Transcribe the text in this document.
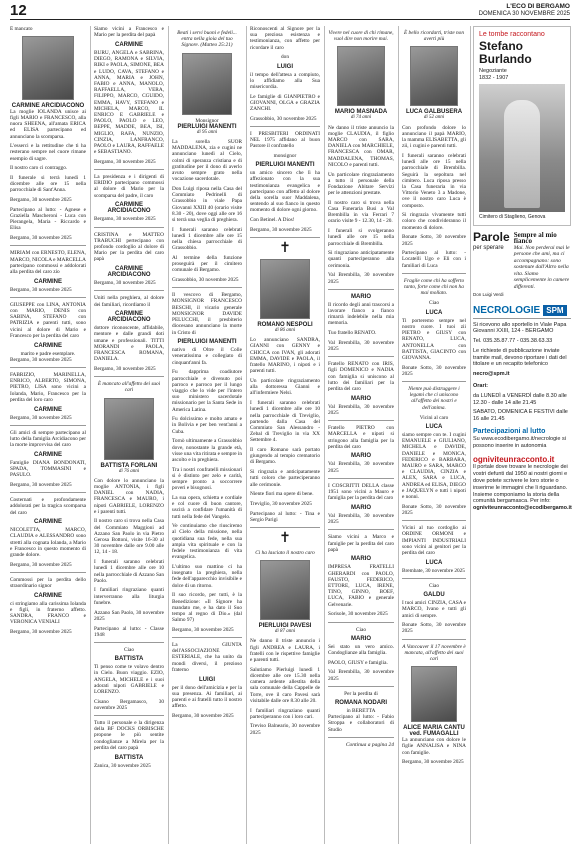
12	L'ECO DI BERGAMO
DOMENICA 30 NOVEMBRE 2025

È mancato

CARMINE ARCIDIACONO

La moglie IOLANDA unisce ai figli MARIO e FRANCESCO, alla nuora SHEENA, all'amata ERICA ed ELISA partecipano ed annunciano la scomparsa.

L'esserci e la rettitudine che ti ha resterano sempre nel cuore rimane esempio di sagre.

Il nostro caro ci contraggo.

Il funerale si terrà lunedì 1 dicembre alle ore 15 nella parrocchiale di Sant'Anna.

Bergamo, 30 novembre 2025

Partecipano al lutto: - Agnese e Graziella Mascheroni - Luca con Pierangela, Maria - Riccardo e Elisa

Bergamo, 30 novembre 2025

MIRIAM con ERNESTO, ELENA, MARCO, NICOLA e MARCELLA partecipano commossi e addolorati alla perdita del caro zio

CARMINE

Bergamo, 30 novembre 2025

GIUSEPPE con LINA, ANTONIA con MARIO, DENIS con SABINA, STEFANO con PATRIZIA e parenti tutti, sono vicini al dolore di Mario e Francesco per la perdita del caro

CARMINE
marito e padre esemplare.

Bergamo, 30 novembre 2025

FABRIZIO, MARINELLA, ENRICO, ALBERTO, SIMONA, PIETRO, LISA sono vicini a Iolanda, Mario, Francesco per la perdita del loro caro

CARMINE

Bergamo, 30 novembre 2025

Gli amici di sempre partecipano al lutto della famiglia Arcidiacono per la morte improvvisa del caro

CARMINE

Famiglie DIANA BONDONATI, SPADA, TOMMASINI e PASULO.

Bergamo, 30 novembre 2025

Costernati e profondamente addolorati per la tragica scomparsa del caro

CARMINE

NICOLETTA, MARCO, CLAUDIA e ALESSANDRO sono stretti alla cognata Iolanda, a Mario e Francesco in questo momento di grande dolore.

Bergamo, 30 novembre 2025

Commossi per la perdita dello straordinario signor

CARMINE

ci stringiamo alla carissima Iolanda e figli, in fraterno affetto. SANDRA, FRANCO e VERONICA VENIALI

Bergamo, 30 novembre 2025

Siamo vicini a Francesco e Mario per la perdita del papà

CARMINE

BURU, ANGELA e SABRINA, DIEGO, RAMONA e SILVIA, RIKI e PAOLA, SIMONE, BEA e LUDO, CAVA, STEFANO e ANNA, MARIA e JOHN, FABIO e ANNA, MANOLO, RAFFAELLA, VERA, FILIPPO, MARCO, CGUIDO, EMMA, HAVY, STEFANO e MICHELA, MARCO, IL ENRICO E GABRIELE e PAOLO, PAOLO e LEO, BEPPE, MADDE, BEA, ISI, MIGLIO, RAFA, NUNZIO, CINZIA, LANFRANCO, PAOLO e LAURA, RAFFAELE e SEBASTIANO.

Bergamo, 30 novembre 2025

La presidenza e i dirigenti di ERIDIO partecipano commossi al dolore di Mario per la scomparsa del padre, il caro

CARMINE ARCIDIACONO

Bergamo, 30 novembre 2025

CRISTINA e MATTEO TRABUCHI pertecipano con profondo cordoglio al dolore di Mario per la perdita del caro papà

CARMINE ARCIDIACONO

Bergamo, 30 novembre 2025

Uniti nella preghiera, al dolore dei familiari, ricordiamo il

CARMINE ARCIDIACONO

dottore riconoscente, affidabile, mentore e dalle grandi doti umane e professionali. TITTI MORANDI e PAOLA, FRANCESCA ROMANA, DANIELA.

Bergamo, 30 novembre 2025

È mancato all'affetto dei suoi cari
BATTISTA FORLANI
di 76 anni

Con dolore lo annunciano la moglie ANTONIA, i figli DANIEL con NADIA, FRANCESCA e MAURO, i nipoti GABRIELE, LORENZO e i parenti tutti.

Il nostro caro si trova nella Casa del Commiato Maggioni ad Azzano San Paolo in via Pietro Gerosa Bottoni, visite 16-30 al 30 novembre dalle ore 9.00 alle 12, 14 - 18.

I funerali saranno celebrati lunedì 1 dicembre alle ore 10 nella parrocchiale di Azzano San Paolo.

I familiari ringraziano quanti interverranno alla liturgia funebre.

Azzano San Paolo, 30 novembre 2025

Partecipano al lutto: - Classe 1948

Ciao
BATTISTA

Ti penso come te volavo dentro in Cielo. Buon viaggio. EZIO, ANGELA, MICHELE e i suoi adorati nipoti GABRIELE e LORENZO.

Cisano Bergamasco, 30 novembre 2025

Tutto il personale e la dirigenza della BF DOCKS ORBISCHE propone le più sentite condoglianze a Mirela per la perdita del caro papà

BATTISTA

Zanica, 30 novembre 2025

Beati i servi buoni e fedeli... entra nella gioia del tuo Signore. (Matteo 25:21)
Monsignor
PIERLUIGI MANENTI
di 95 anni

La sorella SUOR MADDALENA, zia e cugini ne annunciano lunedì al Cielo, colmi di speranza cristiana e di gratitudine per il dono di averlo avuto sempre grato nella vocazione sacerdotale.

Don Luigi riposa nella Casa del Commiato Pedrinelli di Grassobbio in viale Papa Giovanni XXIII 40 (orario visite 8.30 - 20), dove oggi alle ore 16 si terrà una veglia di preghiera.

I funerali saranno celebrati lunedì 1 dicembre alle ore 15 nella chiesa parrocchiale di Grassobbio.

Al termine della funzione proseguirà per il cimitero comunale di Bergamo.

Grassobbio, 30 novembre 2025

Il vescovo di Bergamo, MONSIGNOR FRANCESCO BESCHI, il vicario generale MONSIGNOR DAVIDE PELUCCHI, il presbiterio diocesano annunciano la morte in Cristo di

PIERLUIGI MANENTI

nativo di Oltre il Colle veneratissima e collegiato di cinquant'anni fa.

Fu dapprima coadiutore parrocchiale e divenuto poi parroco e parroco per il lungo viaggio che lo vide per l'intero suo ministero sacerdotale missionario per la Santa Sede in America Latina.

Fu dolcissimo e molto amato e in Bolivia e per ben vent'anni a Cuba.

Tornò ultimamente a Grassobbio dove, nonostante la grande età, visse una vita ritirata e sempre in ascolto e in preghiera.

Tra i nostri confratelli missionari si è distinto per zelo e carità, sempre pronto a soccorrere poveri e bisognosi.

La sua opera, schietta e cordiale e col cuore di buon cantore, uscirà a confidare l'umanità di tutti nella fede del Vangelo.

Ve continuiamo che riusciremo al Cielo della missione, nella quotidiana sua fede, nella sua ampia vita spirituale e con la fedele testimonianza di vita evangelica.

L'ultimo suo mattino ci ha insegnato la preghiera, nella fede dell'apparecchio invisibile e dolce di un ritorno.

Il suo ricordo, per tutti, è la Benedizione: «Il Signore ha mandato me, e ha dato il Suo tempo al regno di Dio.» (dal Salmo 97)

Bergamo, 30 novembre 2025

La GIUNTA dell'ASSOCIAZIONE ESTERIALE, che ha unito da mondi diversi, il prezioso fraterno

LUIGI

per il dono dell'amicizia e per la sua presenza. Ai familiari, ai parenti e ai fratelli tutto il nostro affetto.

Bergamo, 30 novembre 2025

Riconoscenti al Signore per la sua preziosa esistenza e testimonianza, con affetto per ricordare il caro

don
LUIGI

il tempo dell'attesa a compiuto, lo affidiamo alla Sua misericordia.

Le famiglie di GIANPIETRO e GIOVANNI, OLGA e GRAZIA ZANCHI.

Grassobbio, 30 novembre 2025

I PRESBITERI ORDINATI NEL 1975 affidano al buon Pastore il confratello

monsignor
PIERLUIGI MANENTI

un amico sincero che lì ha affezionato con la sua testimonianza evangelica e partecipano con affetto al dolore della sorella suor Maddalena, sentendo al suo fianco in questo momento di dolore ogni giorno.

Con Betinel. A Dios!

Bergamo, 30 novembre 2025

✝
ROMANO NESPOLI
di 86 anni

Lo annunciano SANDRA, GIANNI con GENNY e CHICCA con IVAN, gli adorati EMMA, DAVIDE e PAOLA, il fratello MARINO, i nipoti e i parenti tutti.

Un particolare ringraziamento alla dottoressa Gianni e all'infermiere Nelsi.

I funerali saranno celebrati lunedì 1 dicembre alle ore 10 nella parrocchiale di Treviglio, partendo dalla Casa del Commiato San Alessandro - Zebal di Treviglio in via XX Settembre 4.

Il caro Romano sarà portato giungendo al tempio crematorio di Bergamo.

Si ringrazia e anticipatamente tutti coloro che parteciperanno alle cerimonie.

Niente fiori ma opere di bene.

Treviglio, 30 novembre 2025

Partecipano al lutto: - Tina e Sergio Parigi

✝
Ci ha lasciato il nostro caro
PIERLUIGI PAVESI
di 87 anni

Ne danno il triste annuncio i figli ANDREA e LAURA, i fratelli con le rispettive famiglie e parenti tutti.

Salutiamo Pierluigi lunedì 1 dicembre alle ore 15.30 nella camera ardente allestita della sala comunale della Cappelle de Torre, ove il caro Pavesi sarà visitabile dalle ore 8.30 alle 20.

I familiari ringraziano quanti parteciperanno con i loro cari.

Treviso Balneario, 30 novembre 2025

Vivere nel cuore di chi rimane, vuol dire non morire mai.
MARIO MASNADA
di 74 anni

Ne danno il triste annuncio la moglie CLAUDIA, il figlio MARCO con SARA, DANIELA con MARCHIELE, FRANCESCA con OMAR, MADDALENA, THOMAS, NICOLO e parenti tutti.

Un particolare ringraziamento a tutto il personale della Fondazione Abitare Servizi per le attenzioni prestate.

Il nostro caro si trova nella Casa Funeraria Busi a Val Brembilla in via Ferrari 7 orario visite 9 - 12.30, 14 - 20.

I funerali si svolgeranno lunedì alle ore 15 nella parrocchiale di Brembilla.

Si ringraziano anticipatamente quanti parteciperanno alla cerimonia.

Val Brembilla, 30 novembre 2025

MARIO

Il ricordo degli anni trascorsi a lavorare fianco a fianco rimarrà indelebile nella mia memoria.

Tuo fratello RENATO.

Val Brembilla, 30 novembre 2025

Fratello RENATO con IRIS, figli DOMENICO e NADIA con famiglia si uniscono al lutto dei familiari per la perdita del caro

MARIO

Val Brembilla, 30 novembre 2025

Fratello PIETRO con MARCELLA e nipoti si stringono alla famiglia per la perdita del caro

MARIO

Val Brembilla, 30 novembre 2025

I COSCRITTI DELLA classe 1951 sono vicini a Mauro e famiglia per la perdita del caro

MARIO

Val Brembilla, 30 novembre 2025

Siamo vicini a Marco e famiglie per la perdita del caro papà

MARIO

IMPRESA FRATELLI GHERARDI con PAOLO, FAUSTO, FEDERICO, ETTORE, LUCA, IRENE, TINO, GINNO, BOEF, LUCA, FABIO e generale Gelvenarie.

Sorisole, 30 novembre 2025

Ciao
MARIO

Sei stato un vero amico. Condoglianze alla famiglia.

PAOLO, GIUSY e famiglia.

Val Brembilla, 30 novembre 2025

Per la perdita di
ROMANA NODARI
in BERETTA

Partecipano al lutto: - Fabio Stroppa e collaboratori di Studio

Continua a pagina 24

È bello ricordarti, triste non averti più
LUCA GALBUSERA
di 52 anni

Con profondo dolore lo annunciano il papà MARIO, la mamma ELISABETTA, gli zii, i cugini e parenti tutti.

I funerali saranno celebrati lunedì alle ore 15 nella parrocchiale di Brembilla. Seguirà la sepoltura nel cimitero. Luca riposa presso la Casa funeraria in via Vittorio Veneto 3 a Madone, ove il nostro caro Luca è composto.

Si ringrazia vivamente tutti coloro che condivideranno il momento di dolore.

Bonate Sotto, 30 novembre 2025

Partecipano al lutto: - Locatelli Ugo e Eli con i familiari di Luca

Fragile come chi ha sofferto tanto, forte come chi non ha mai mollato.
Ciao
LUCA

Ti porteremo sempre nel nostro cuore. I tuoi zii PIETRO e GIUSY con RENATO, LUCA, ANTONELLA con BATTISTA, GIACINTO con GIOVANNA.

Bonate Sotto, 30 novembre 2025

Niente può distruggere i legami che ci uniscono all'affetto dei nostri e dell'anima.
Vicini al caro
LUCA

siamo sempre con te. I cugini EMANUELE e GIULIANO, MICHELA e DAVIDE, DANIELE e MONICA, FEDERICO e BARBARA, MAURO e SARA, MARCO e CLAUDIA, CINZIA e ALEX, SARA e LUCA, ANDREA ed ELISA, DIEGO e JAQUELYN e tutti i nipoti e nonni.

Bonate Sotto, 30 novembre 2025

Vicini al tuo cordoglio ai ORDINE ORMONI e IMPIANTI INDUSTRIALI sono vicini ai genitori per la perdita del caro

LUCA

Brembate, 30 novembre 2025

Ciao
GALDU

I tuoi amici CINZIA, CASA e MARCO, Ivano e tutti gli amici di sempre.

Bonate Sotto, 30 novembre 2025

A Vancouver il 17 novembre è mancata, all'affetto dei suoi cari
ALICE MARIA CANTU ved. FUMAGALLI

La annunciano con dolore le figlie ANNALISA e NINA con famiglie.

Bergamo, 30 novembre 2025

Le tombe raccontano
Stefano Burlando
Negoziante
1832 - 1907
Cimitero di Staglieno, Genova
Parole
per sperare
Sempre al mio fianco
Mai. Non perderai mai le persone che ami, ma ci accompagnano: sono sostenute dall'Altro nella vita. Siamo semplicemente in camere differenti.
Don Luigi Verdi
NECROLOGIE SPM
Si ricevono allo sportello in Viale Papa Giovanni XXIII, 124 - BERGAMO
Tel. 035.35.87.77 - 035.38.63.33
Le richieste di pubblicazione inviate tramite mail, devono riportare i dati del titolare e un recapito telefonico
necro@spm.it
Orari:
da LUNEDÌ a VENERDÌ dalle 8.30 alle 12.30 - dalle 14 alle 21.45
SABATO, DOMENICA E FESTIVI dalle 16 alle 21.45
Partecipazioni al lutto
Su www.ecodibergamo.it/necrologie si possono inserire in autonomia
ogniviteunracconto.it
Il portale dove trovare le necrologie dei vostri defunti dal 1950 ai nostri giorni e dove potete scrivere le loro storie o inserirne le immagini che li riguardano. Insieme componiamo la storia della comunità bergamasca. Per info:
ogniviteunracconto@ecodibergamo.it
